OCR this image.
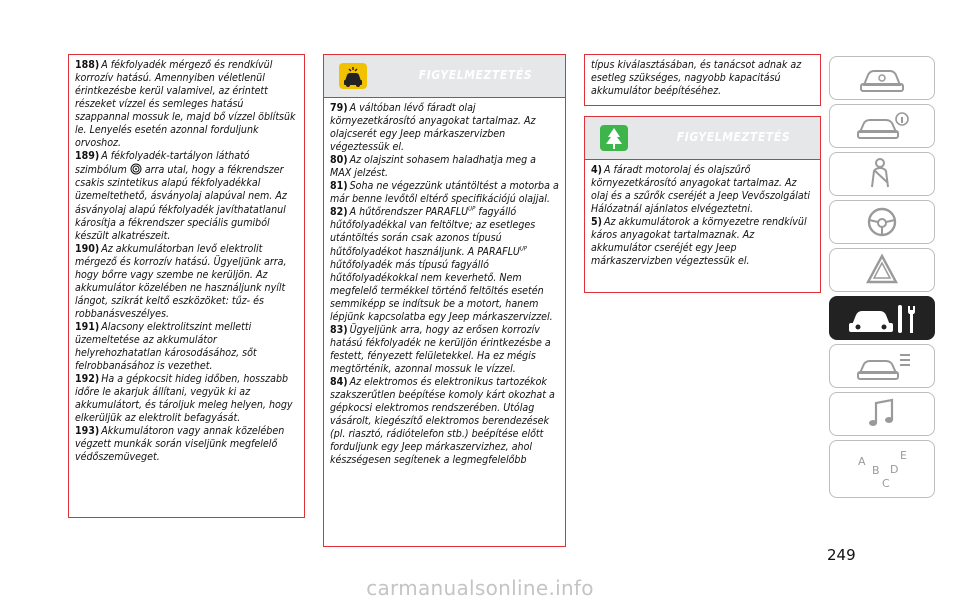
188) A fékfolyadék mérgező és rendkívül korrozív hatású. Amennyiben véletlenül érintkezésbe kerül valamivel, az érintett részeket vízzel és semleges hatású szappannal mossuk le, majd bő vízzel öblítsük le. Lenyelés esetén azonnal forduljunk orvoshoz.

189) A fékfolyadék-tartályon látható szimbólum arra utal, hogy a fékrendszer csakis szintetikus alapú fékfolyadékkal üzemeltethető, ásványolaj alapúval nem. Az ásványolaj alapú fékfolyadék javíthatatlanul károsítja a fékrendszer speciális gumiból készült alkatrészeit.

190) Az akkumulátorban levő elektrolit mérgező és korrozív hatású. Ügyeljünk arra, hogy bőrre vagy szembe ne kerüljön. Az akkumulátor közelében ne használjunk nyílt lángot, szikrát keltő eszközöket: tűz- és robbanásveszélyes.

191) Alacsony elektrolitszint melletti üzemeltetése az akkumulátor helyrehozhatatlan károsodásához, sőt felrobbanásához is vezethet.

192) Ha a gépkocsit hideg időben, hosszabb időre le akarjuk állítani, vegyük ki az akkumulátort, és tároljuk meleg helyen, hogy elkerüljük az elektrolit befagyását.

193) Akkumulátoron vagy annak közelében végzett munkák során viseljünk megfelelő védőszemüveget.

FIGYELMEZTETÉS

79) A váltóban lévő fáradt olaj környezetkárosító anyagokat tartalmaz. Az olajcserét egy Jeep márkaszervizben végeztessük el.

80) Az olajszint sohasem haladhatja meg a MAX jelzést.

81) Soha ne végezzünk utántöltést a motorba a már benne levőtől eltérő specifikációjú olajjal.

82) A hűtőrendszer $PARAFLU^{UP}$ fagyálló hűtőfolyadékkal van feltöltve; az esetleges utántöltés során csak azonos típusú hűtőfolyadékot használjunk. A $PARAFLU^{UP}$ hűtőfolyadék más típusú fagyálló hűtőfolyadékokkal nem keverhető. Nem megfelelő termékkel történő feltöltés esetén semmiképp se indítsuk be a motort, hanem lépjünk kapcsolatba egy Jeep márkaszervizzel.

83) Ügyeljünk arra, hogy az erősen korrozív hatású fékfolyadék ne kerüljön érintkezésbe a festett, fényezett felületekkel. Ha ez mégis megtörténik, azonnal mossuk le vízzel.

84) Az elektromos és elektronikus tartozékok szakszerűtlen beépítése komoly kárt okozhat a gépkocsi elektromos rendszerében. Utólag vásárolt, kiegészítő elektromos berendezések (pl. riasztó, rádiótelefon stb.) beépítése előtt forduljunk egy Jeep márkaszervizhez, ahol készségesen segítenek a legmegfelelőbb

típus kiválasztásában, és tanácsot adnak az esetleg szükséges, nagyobb kapacitású akkumulátor beépítéséhez.

FIGYELMEZTETÉS

4) A fáradt motorolaj és olajszűrő környezetkárosító anyagokat tartalmaz. Az olaj és a szűrők cseréjét a Jeep Vevőszolgálati Hálózatnál ajánlatos elvégeztetni.

5) Az akkumulátorok a környezetre rendkívül káros anyagokat tartalmaznak. Az akkumulátor cseréjét egy Jeep márkaszervizben végeztessük el.

A
B
C
D
E
249
carmanualsonline.info
